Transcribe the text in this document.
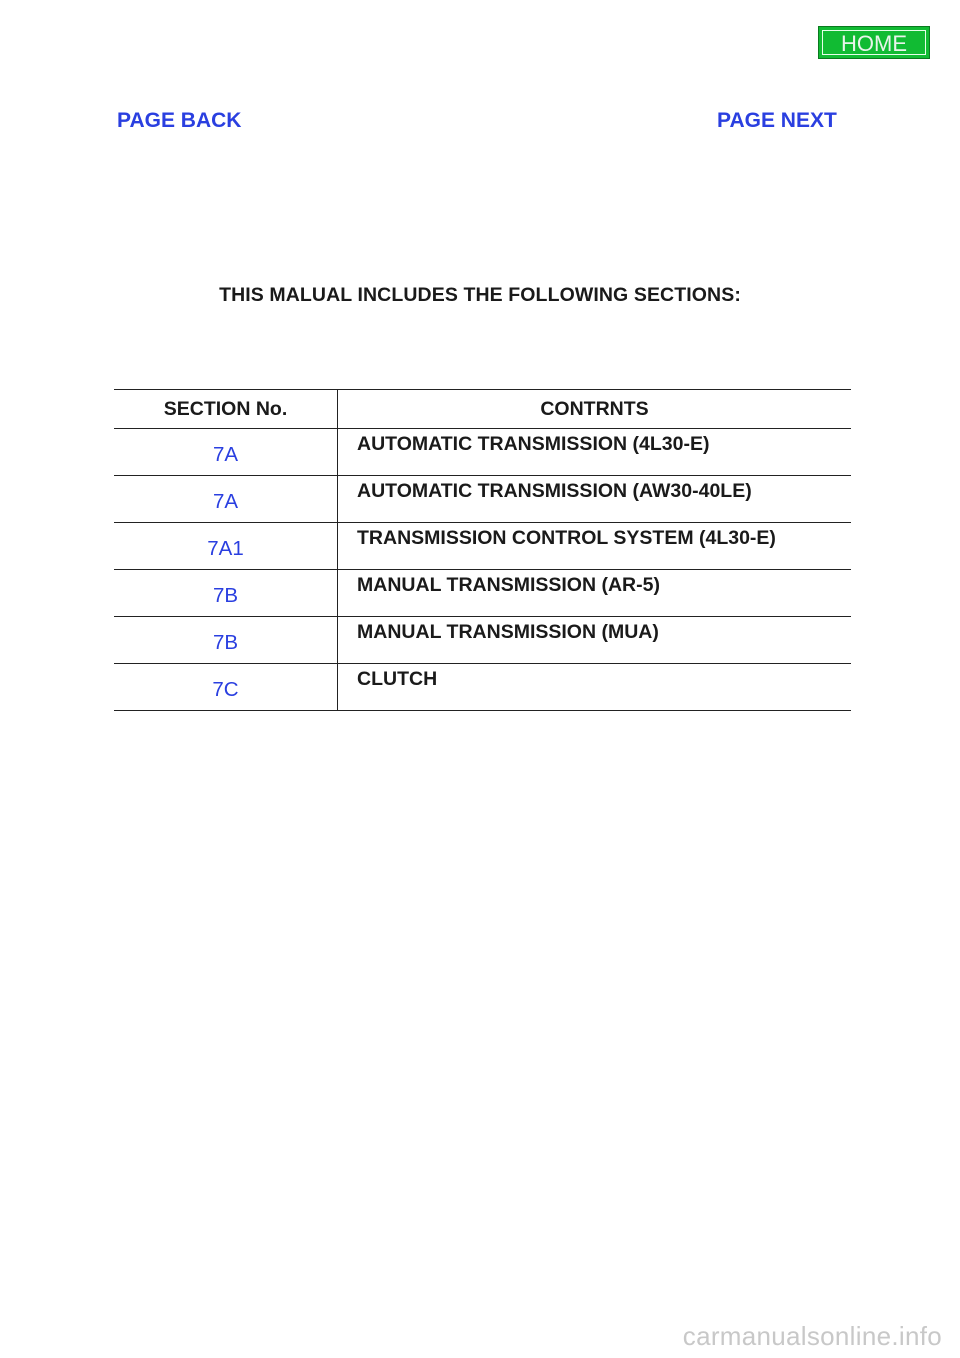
HOME
PAGE BACK	PAGE NEXT
THIS MALUAL INCLUDES THE FOLLOWING SECTIONS:
SECTION No.	CONTRNTS
7A	AUTOMATIC TRANSMISSION (4L30-E)
7A	AUTOMATIC TRANSMISSION (AW30-40LE)
7A1	TRANSMISSION CONTROL SYSTEM (4L30-E)
7B	MANUAL TRANSMISSION (AR-5)
7B	MANUAL TRANSMISSION (MUA)
7C	CLUTCH
carmanualsonline.info
